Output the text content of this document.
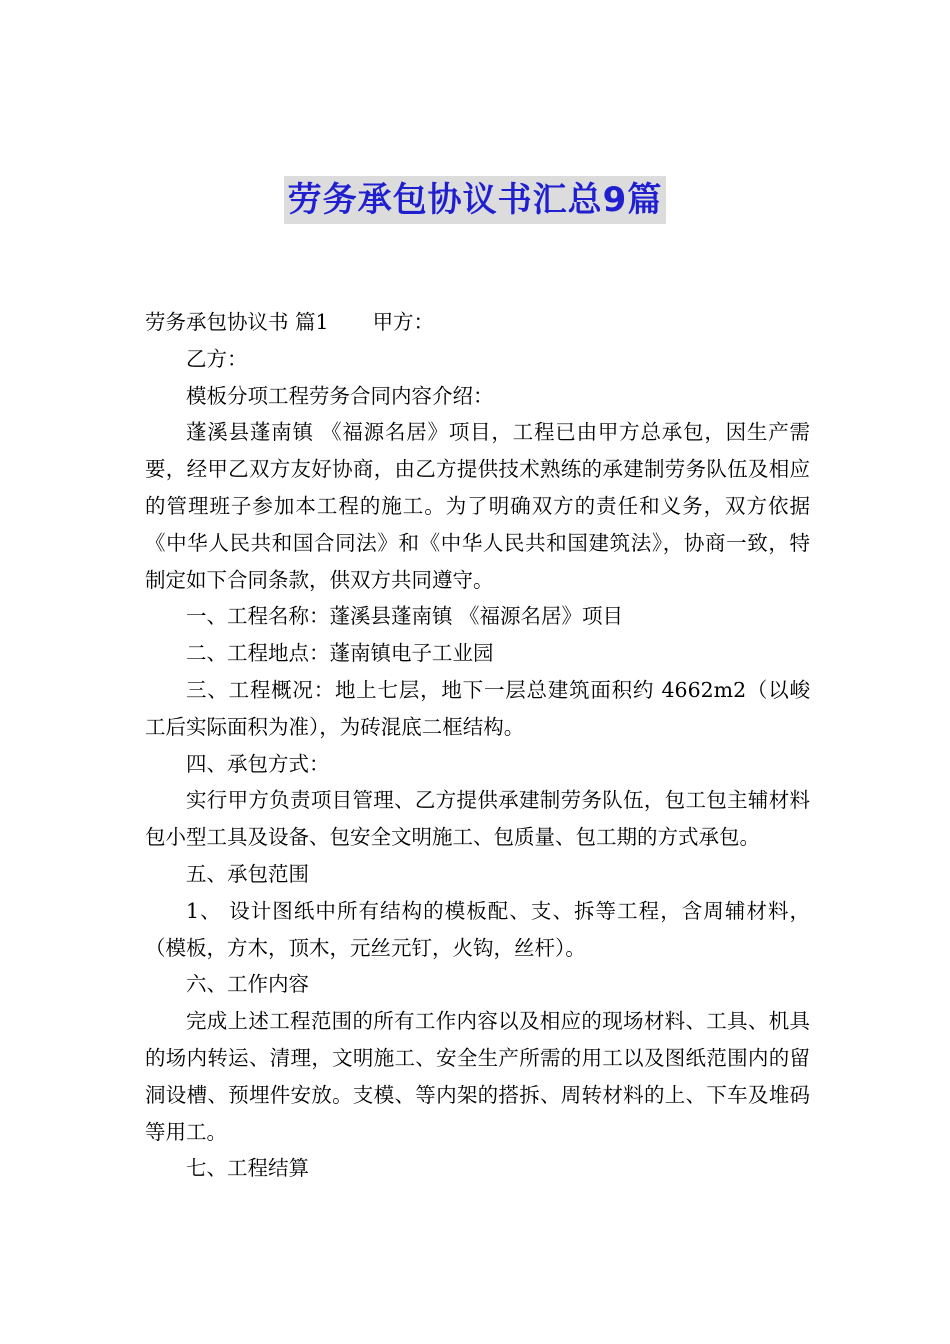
劳务承包协议书汇总9篇

劳务承包协议书 篇1 甲方：

乙方：

模板分项工程劳务合同内容介绍：

蓬溪县蓬南镇 《福源名居》项目，工程已由甲方总承包，因生产需要，经甲乙双方友好协商，由乙方提供技术熟练的承建制劳务队伍及相应的管理班子参加本工程的施工。为了明确双方的责任和义务，双方依据《中华人民共和国合同法》和《中华人民共和国建筑法》，协商一致，特制定如下合同条款，供双方共同遵守。

一、工程名称：蓬溪县蓬南镇 《福源名居》项目

二、工程地点：蓬南镇电子工业园

三、工程概况：地上七层，地下一层总建筑面积约 4662m2（以峻工后实际面积为准），为砖混底二框结构。

四、承包方式：

实行甲方负责项目管理、乙方提供承建制劳务队伍，包工包主辅材料包小型工具及设备、包安全文明施工、包质量、包工期的方式承包。

五、承包范围

1、 设计图纸中所有结构的模板配、支、拆等工程，含周辅材料，（模板，方木，顶木，元丝元钉，火钩，丝杆）。

六、工作内容

完成上述工程范围的所有工作内容以及相应的现场材料、工具、机具的场内转运、清理，文明施工、安全生产所需的用工以及图纸范围内的留洞设槽、预埋件安放。支模、等内架的搭拆、周转材料的上、下车及堆码等用工。

七、工程结算
